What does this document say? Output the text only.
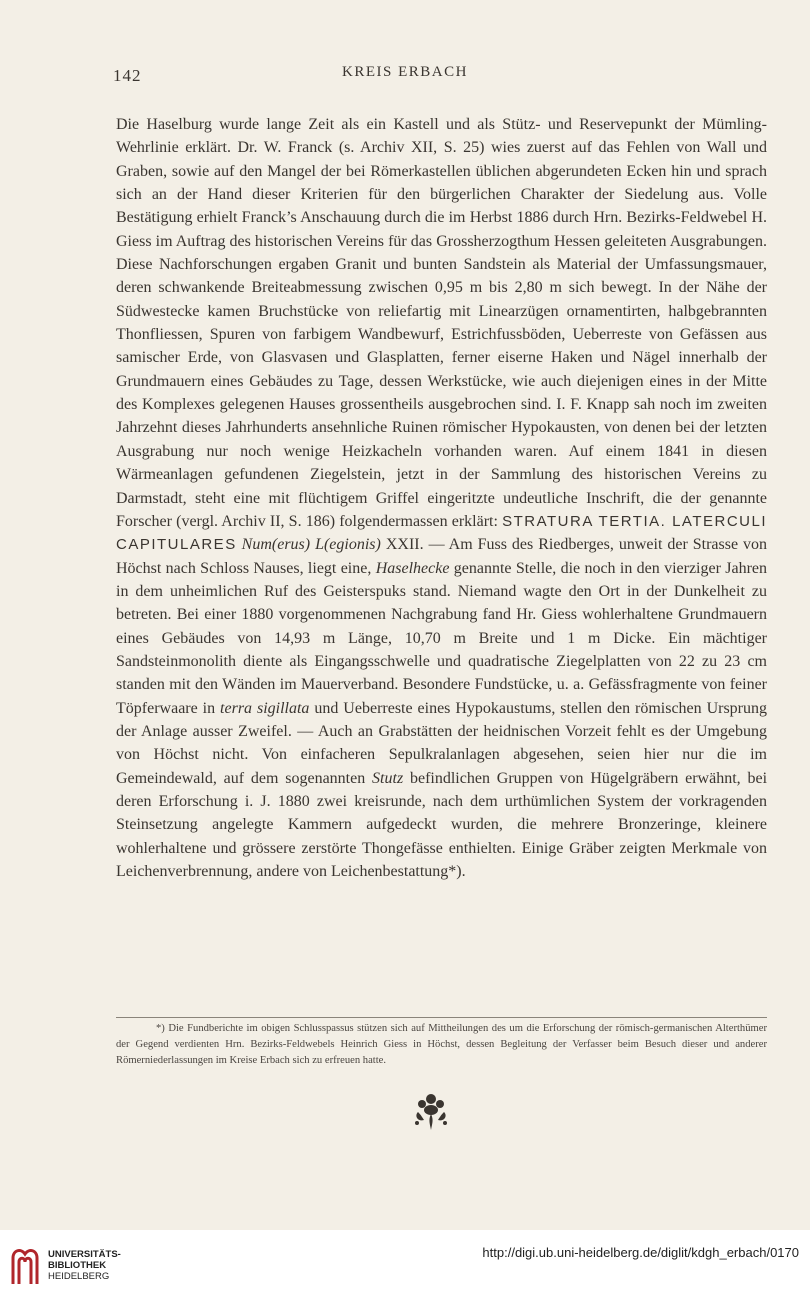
142	KREIS ERBACH

Die Haselburg wurde lange Zeit als ein Kastell und als Stütz- und Reservepunkt der Mümling-Wehrlinie erklärt. Dr. W. Franck (s. Archiv XII, S. 25) wies zuerst auf das Fehlen von Wall und Graben, sowie auf den Mangel der bei Römerkastellen üblichen abgerundeten Ecken hin und sprach sich an der Hand dieser Kriterien für den bürgerlichen Charakter der Siedelung aus. Volle Bestätigung erhielt Franck’s Anschauung durch die im Herbst 1886 durch Hrn. Bezirks-Feldwebel H. Giess im Auftrag des historischen Vereins für das Grossherzogthum Hessen geleiteten Ausgrabungen. Diese Nachforschungen ergaben Granit und bunten Sandstein als Material der Umfassungsmauer, deren schwankende Breiteabmessung zwischen 0,95 m bis 2,80 m sich bewegt. In der Nähe der Südwestecke kamen Bruchstücke von reliefartig mit Linearzügen ornamentirten, halbgebrannten Thonfliessen, Spuren von farbigem Wandbewurf, Estrichfussböden, Ueberreste von Gefässen aus samischer Erde, von Glasvasen und Glasplatten, ferner eiserne Haken und Nägel innerhalb der Grundmauern eines Gebäudes zu Tage, dessen Werkstücke, wie auch diejenigen eines in der Mitte des Komplexes gelegenen Hauses grossentheils ausgebrochen sind. I. F. Knapp sah noch im zweiten Jahrzehnt dieses Jahrhunderts ansehnliche Ruinen römischer Hypokausten, von denen bei der letzten Ausgrabung nur noch wenige Heizkacheln vorhanden waren. Auf einem 1841 in diesen Wärmeanlagen gefundenen Ziegelstein, jetzt in der Sammlung des historischen Vereins zu Darmstadt, steht eine mit flüchtigem Griffel eingeritzte undeutliche Inschrift, die der genannte Forscher (vergl. Archiv II, S. 186) folgendermassen erklärt: STRATURA TERTIA. LATERCULI CAPITULARES Num(erus) L(egionis) XXII. — Am Fuss des Riedberges, unweit der Strasse von Höchst nach Schloss Nauses, liegt eine, Haselhecke genannte Stelle, die noch in den vierziger Jahren in dem unheimlichen Ruf des Geisterspuks stand. Niemand wagte den Ort in der Dunkelheit zu betreten. Bei einer 1880 vorgenommenen Nachgrabung fand Hr. Giess wohlerhaltene Grundmauern eines Gebäudes von 14,93 m Länge, 10,70 m Breite und 1 m Dicke. Ein mächtiger Sandsteinmonolith diente als Eingangsschwelle und quadratische Ziegelplatten von 22 zu 23 cm standen mit den Wänden im Mauerverband. Besondere Fundstücke, u. a. Gefässfragmente von feiner Töpferwaare in terra sigillata und Ueberreste eines Hypokaustums, stellen den römischen Ursprung der Anlage ausser Zweifel. — Auch an Grabstätten der heidnischen Vorzeit fehlt es der Umgebung von Höchst nicht. Von einfacheren Sepulkralanlagen abgesehen, seien hier nur die im Gemeindewald, auf dem sogenannten Stutz befindlichen Gruppen von Hügelgräbern erwähnt, bei deren Erforschung i. J. 1880 zwei kreisrunde, nach dem urthümlichen System der vorkragenden Steinsetzung angelegte Kammern aufgedeckt wurden, die mehrere Bronzeringe, kleinere wohlerhaltene und grössere zerstörte Thongefässe enthielten. Einige Gräber zeigten Merkmale von Leichenverbrennung, andere von Leichenbestattung*).

*) Die Fundberichte im obigen Schlusspassus stützen sich auf Mittheilungen des um die Erforschung der römisch-germanischen Alterthümer der Gegend verdienten Hrn. Bezirks-Feldwebels Heinrich Giess in Höchst, dessen Begleitung der Verfasser beim Besuch dieser und anderer Römerniederlassungen im Kreise Erbach sich zu erfreuen hatte.

UNIVERSITÄTS-
BIBLIOTHEK
HEIDELBERG
http://digi.ub.uni-heidelberg.de/diglit/kdgh_erbach/0170
